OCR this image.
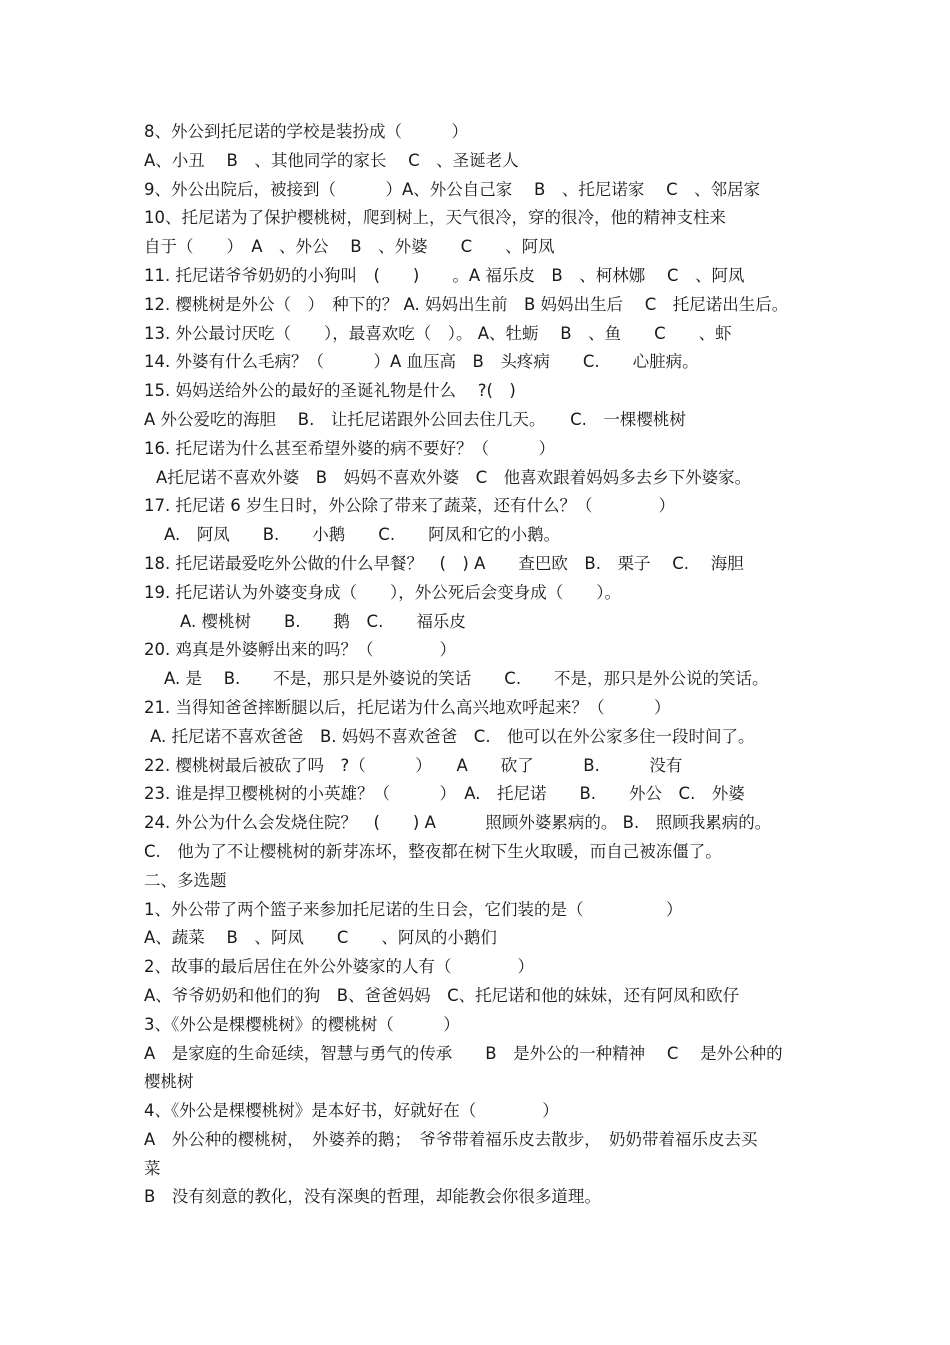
8、外公到托尼诺的学校是装扮成（　　　）
A、小丑　 B　、其他同学的家长　 C　、圣诞老人
9、外公出院后，被接到（　　　）A、外公自己家　 B　、托尼诺家　 C　、邻居家
10、托尼诺为了保护樱桃树，爬到树上，天气很冷，穿的很冷，他的精神支柱来
自于（　　）　A　、外公　 B　、外婆　　C　　、阿凤
11. 托尼诺爷爷奶奶的小狗叫　(　　)　　。A 福乐皮　B　、柯林娜　 C　、阿凤
12. 樱桃树是外公（　）　种下的？ A. 妈妈出生前　B 妈妈出生后　 C　托尼诺出生后。
13. 外公最讨厌吃（　　），最喜欢吃（　）。 A、牡蛎　 B　、鱼　　C　　、虾
14. 外婆有什么毛病？（　　　）A 血压高　B　头疼病　　C.　　心脏病。
15. 妈妈送给外公的最好的圣诞礼物是什么　 ?(　)
A 外公爱吃的海胆　 B.　让托尼诺跟外公回去住几天。　　C.　一棵樱桃树
16. 托尼诺为什么甚至希望外婆的病不要好？（　　　）
A托尼诺不喜欢外婆　B　妈妈不喜欢外婆　C　他喜欢跟着妈妈多去乡下外婆家。
17. 托尼诺 6 岁生日时，外公除了带来了蔬菜，还有什么？（　　　　）
A.　阿凤　　B.　　小鹅　　C.　　阿凤和它的小鹅。
18. 托尼诺最爱吃外公做的什么早餐？　(　) A　　查巴欧　B.　栗子　 C.　 海胆
19. 托尼诺认为外婆变身成（　　），外公死后会变身成（　　）。
A. 樱桃树　　B.　　鹅　C.　　福乐皮
20. 鸡真是外婆孵出来的吗？（　　　　）
A. 是　 B.　　不是，那只是外婆说的笑话　　C.　　不是，那只是外公说的笑话。
21. 当得知爸爸摔断腿以后，托尼诺为什么高兴地欢呼起来？（　　　）
A. 托尼诺不喜欢爸爸　B. 妈妈不喜欢爸爸　C.　他可以在外公家多住一段时间了。
22. 樱桃树最后被砍了吗　?（　　　）　　A　　砍了　　　B.　　　没有
23. 谁是捍卫樱桃树的小英雄？（　　　）　A.　托尼诺　　B.　　外公　C.　外婆
24. 外公为什么会发烧住院？　(　　) A　　　照顾外婆累病的。 B.　照顾我累病的。
C.　他为了不让樱桃树的新芽冻坏，整夜都在树下生火取暖，而自己被冻僵了。
二、多选题
1、外公带了两个篮子来参加托尼诺的生日会，它们装的是（　　　　　）
A、蔬菜　 B　、阿凤　　C　　、阿凤的小鹅们
2、故事的最后居住在外公外婆家的人有（　　　　）
A、爷爷奶奶和他们的狗　B、爸爸妈妈　C、托尼诺和他的妹妹，还有阿凤和欧仔
3、《外公是棵樱桃树》的樱桃树（　　　）
A　是家庭的生命延续，智慧与勇气的传承　　B　是外公的一种精神　 C　 是外公种的
樱桃树
4、《外公是棵樱桃树》是本好书，好就好在（　　　　）
A　外公种的樱桃树，　外婆养的鹅；　爷爷带着福乐皮去散步，　奶奶带着福乐皮去买
菜
B　没有刻意的教化，没有深奥的哲理，却能教会你很多道理。
